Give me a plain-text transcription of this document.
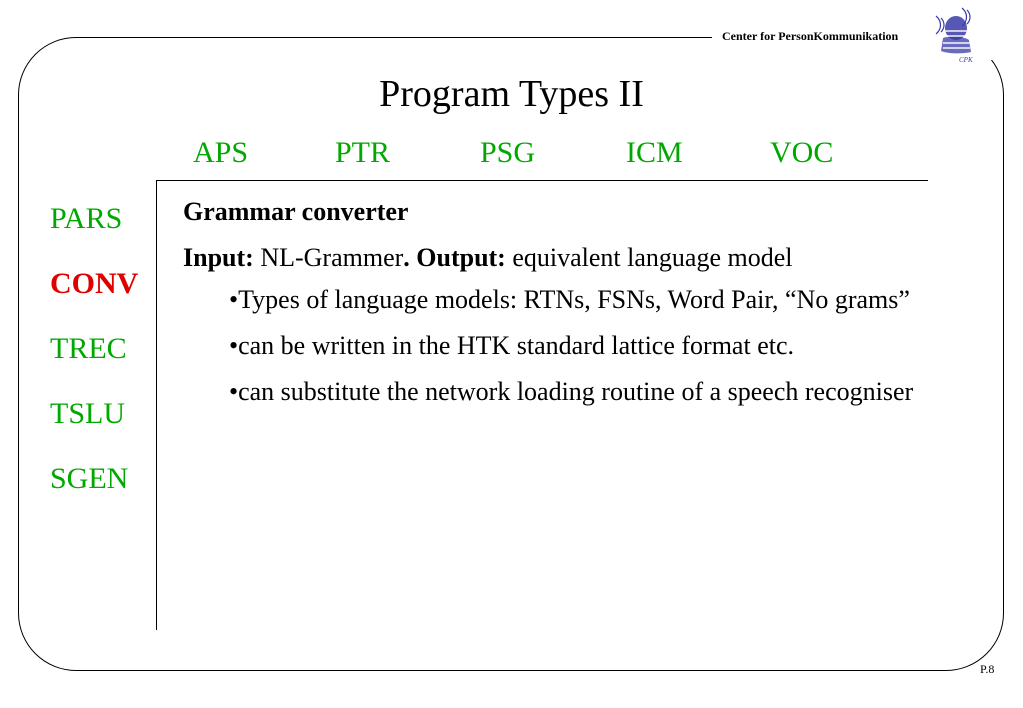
Center for PersonKommunikation
CPK
Program Types II
APS	PTR	PSG	ICM	VOC
PARS
CONV
TREC
TSLU
SGEN
Grammar converter
Input: NL-Grammer. Output: equivalent language model
•Types of language models: RTNs, FSNs, Word Pair, “No grams”
•can be written in the HTK standard lattice format etc.
•can substitute the network loading routine of a speech recogniser
P.8
